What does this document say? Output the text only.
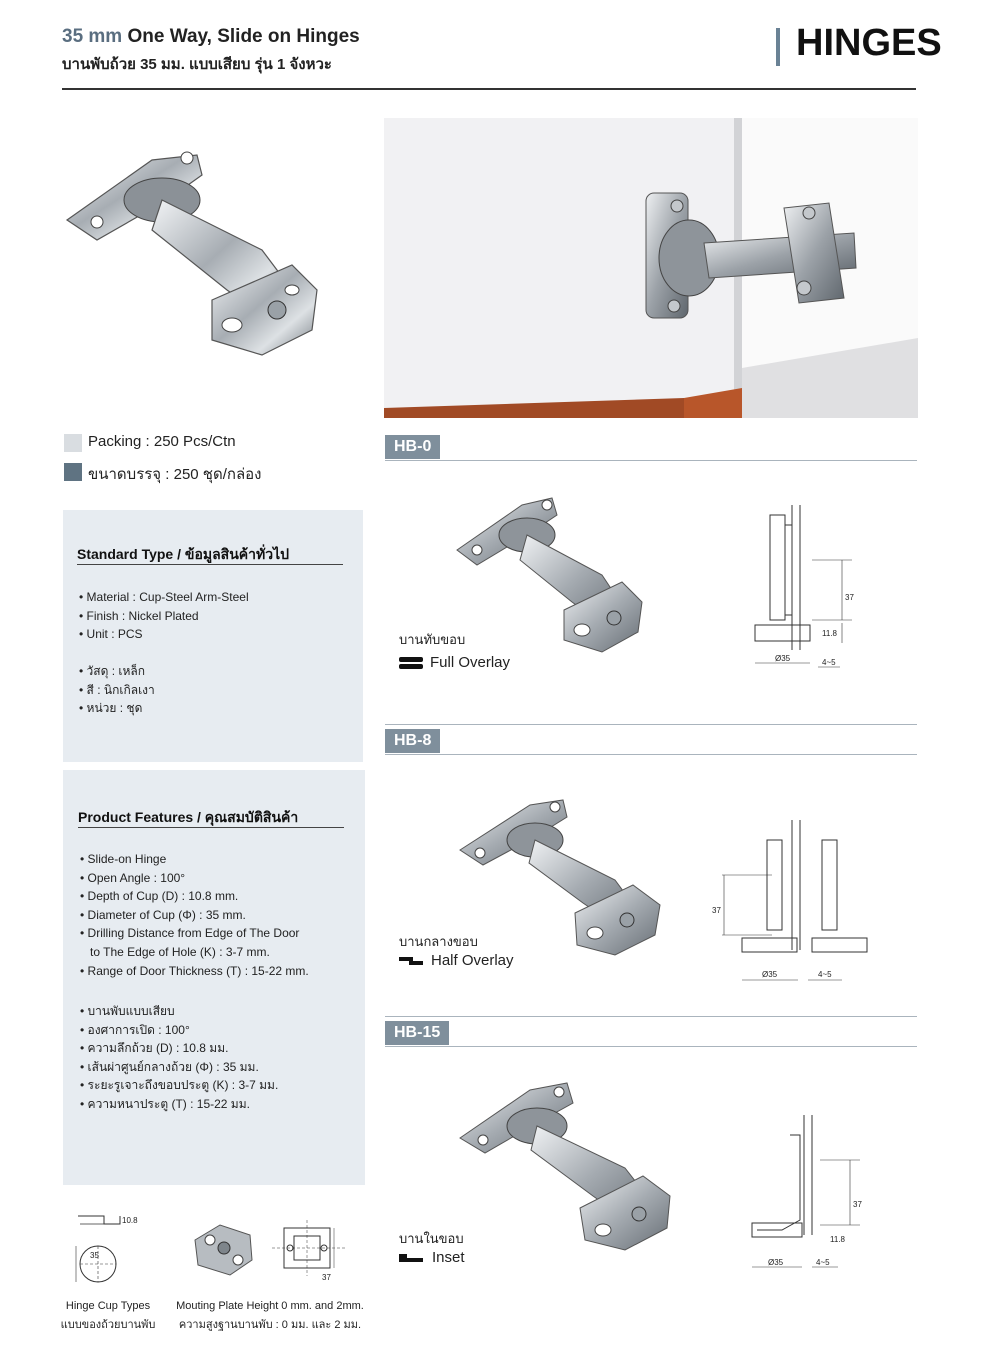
35 mm One Way, Slide on Hinges
บานพับถ้วย 35 มม. แบบเสียบ รุ่น 1 จังหวะ
HINGES
Packing : 250 Pcs/Ctn
ขนาดบรรจุ : 250 ชุด/กล่อง
Standard Type / ข้อมูลสินค้าทั่วไป
• Material : Cup-Steel Arm-Steel
• Finish : Nickel Plated
• Unit : PCS
• วัสดุ : เหล็ก
• สี : นิกเกิลเงา
• หน่วย : ชุด
Product Features / คุณสมบัติสินค้า
• Slide-on Hinge
• Open Angle : 100°
• Depth of Cup (D) : 10.8 mm.
• Diameter of Cup (Φ) : 35 mm.
• Drilling Distance from Edge of The Door
to The Edge of Hole (K) : 3-7 mm.
• Range of Door Thickness (T) : 15-22 mm.
• บานพับแบบเสียบ
• องศาการเปิด : 100°
• ความลึกถ้วย (D) : 10.8 มม.
• เส้นผ่าศูนย์กลางถ้วย (Φ) : 35 มม.
• ระยะรูเจาะถึงขอบประตู (K) : 3-7 มม.
• ความหนาประตู (T) : 15-22 มม.
10.8
35
37
Hinge Cup Types
แบบของถ้วยบานพับ
Mouting Plate Height 0 mm. and 2mm.
ความสูงฐานบานพับ : 0 มม. และ 2 มม.
HB-0
บานทับขอบ
Full Overlay
37
11.8
Ø35	4~5
HB-8
บานกลางขอบ
Half Overlay
37
Ø35	4~5
HB-15
บานในขอบ
Inset
37
11.8
Ø35	4~5
